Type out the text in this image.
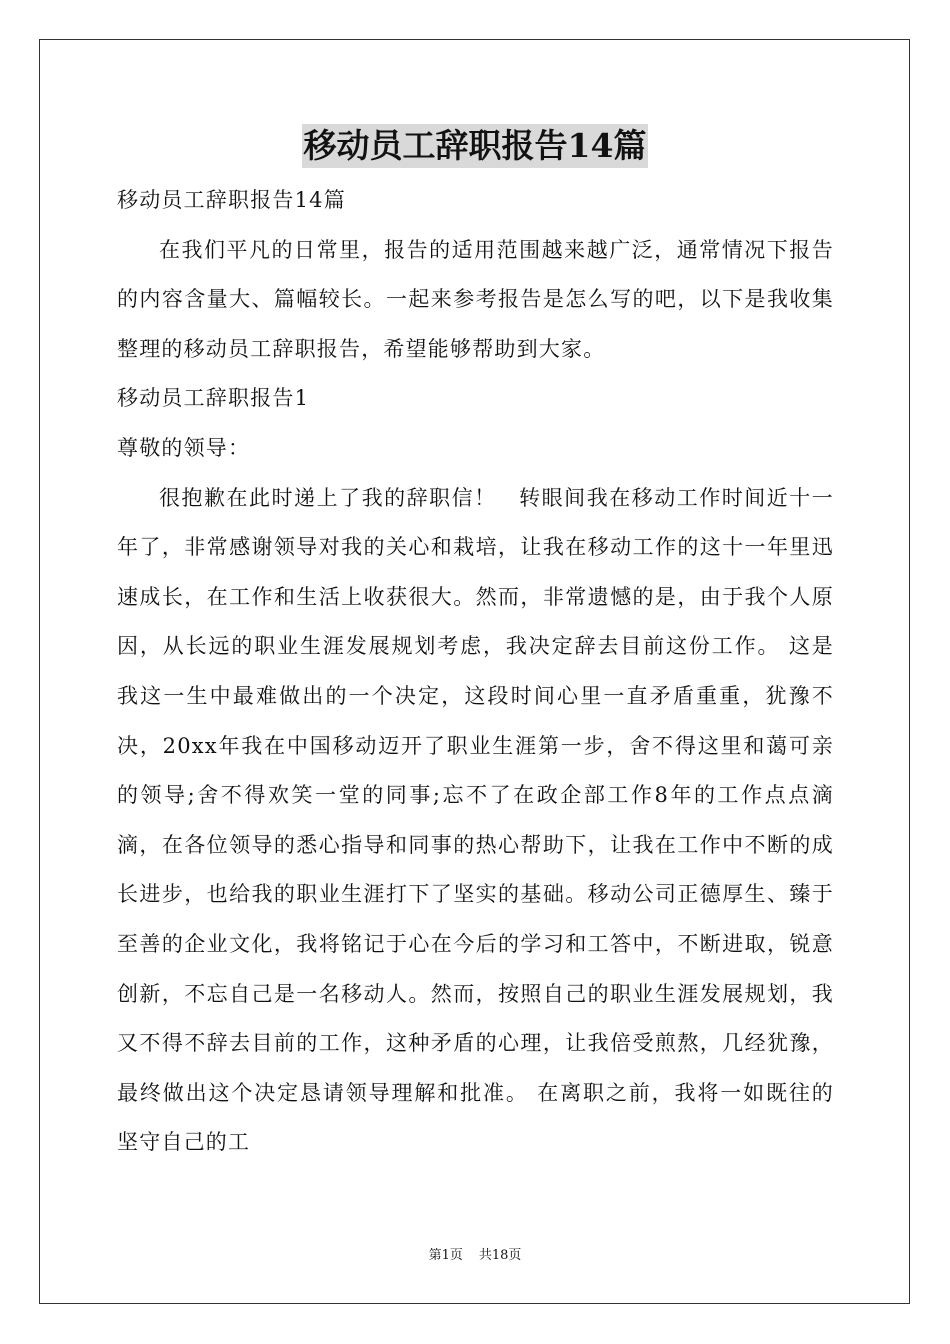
移动员工辞职报告14篇

移动员工辞职报告14篇

在我们平凡的日常里，报告的适用范围越来越广泛，通常情况下报告的内容含量大、篇幅较长。一起来参考报告是怎么写的吧，以下是我收集整理的移动员工辞职报告，希望能够帮助到大家。

移动员工辞职报告1

尊敬的领导：

很抱歉在此时递上了我的辞职信！　转眼间我在移动工作时间近十一年了，非常感谢领导对我的关心和栽培，让我在移动工作的这十一年里迅速成长，在工作和生活上收获很大。然而，非常遗憾的是，由于我个人原因，从长远的职业生涯发展规划考虑，我决定辞去目前这份工作。 这是我这一生中最难做出的一个决定，这段时间心里一直矛盾重重，犹豫不决，20xx年我在中国移动迈开了职业生涯第一步，舍不得这里和蔼可亲的领导;舍不得欢笑一堂的同事;忘不了在政企部工作8年的工作点点滴滴，在各位领导的悉心指导和同事的热心帮助下，让我在工作中不断的成长进步，也给我的职业生涯打下了坚实的基础。移动公司正德厚生、臻于至善的企业文化，我将铭记于心在今后的学习和工答中，不断进取，锐意创新，不忘自己是一名移动人。然而，按照自己的职业生涯发展规划，我又不得不辞去目前的工作，这种矛盾的心理，让我倍受煎熬，几经犹豫，最终做出这个决定恳请领导理解和批准。 在离职之前，我将一如既往的坚守自己的工

第1页 共18页
